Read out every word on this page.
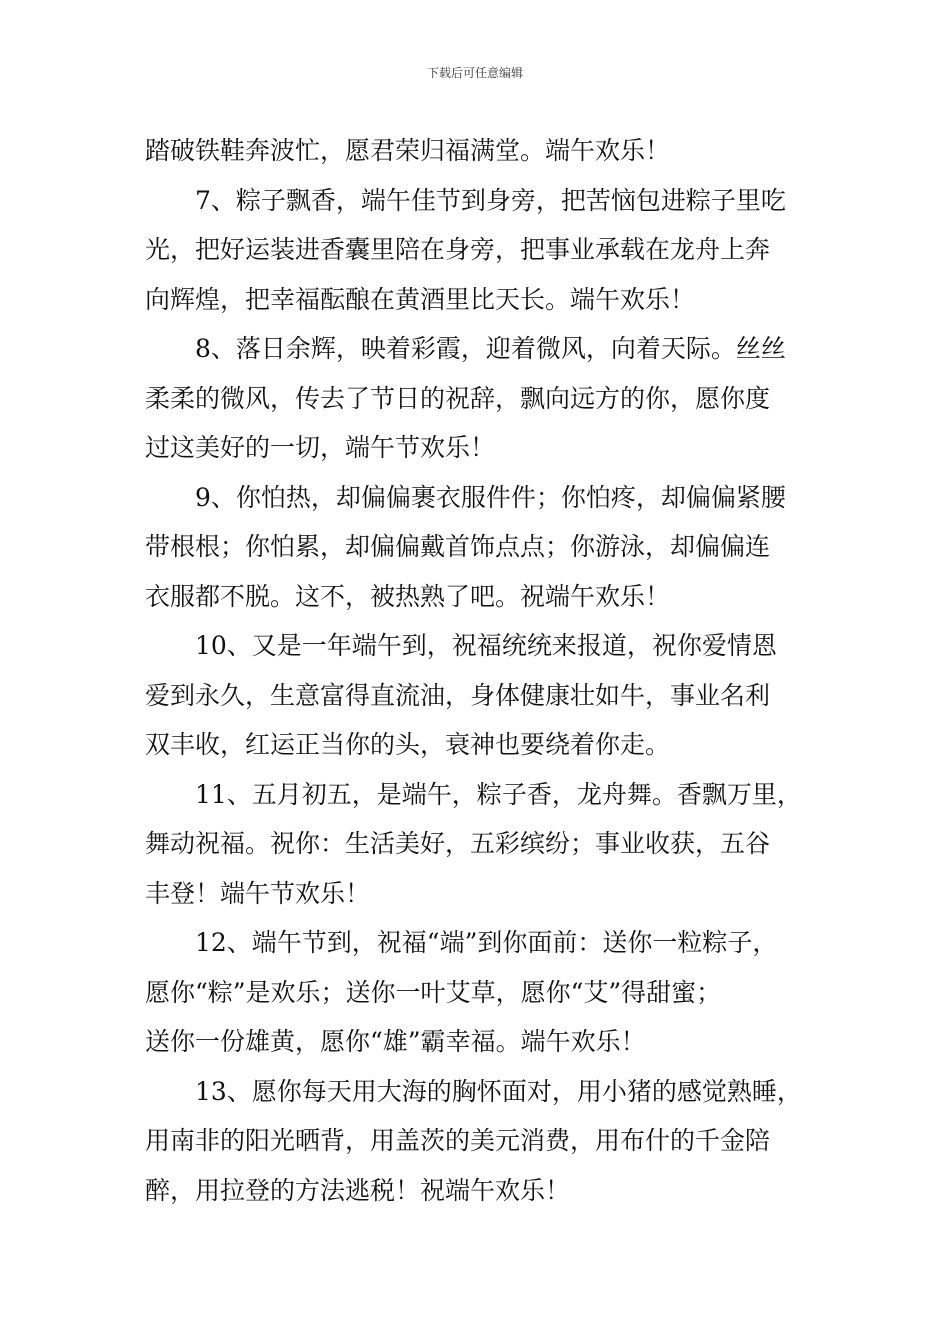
下载后可任意编辑
踏破铁鞋奔波忙，愿君荣归福满堂。端午欢乐！
7、粽子飘香，端午佳节到身旁，把苦恼包进粽子里吃
光，把好运装进香囊里陪在身旁，把事业承载在龙舟上奔
向辉煌，把幸福酝酿在黄酒里比天长。端午欢乐！
8、落日余辉，映着彩霞，迎着微风，向着天际。丝丝
柔柔的微风，传去了节日的祝辞，飘向远方的你，愿你度
过这美好的一切，端午节欢乐！
9、你怕热，却偏偏裹衣服件件；你怕疼，却偏偏紧腰
带根根；你怕累，却偏偏戴首饰点点；你游泳，却偏偏连
衣服都不脱。这不，被热熟了吧。祝端午欢乐！
10、又是一年端午到，祝福统统来报道，祝你爱情恩
爱到永久，生意富得直流油，身体健康壮如牛，事业名利
双丰收，红运正当你的头，衰神也要绕着你走。
11、五月初五，是端午，粽子香，龙舟舞。香飘万里，
舞动祝福。祝你：生活美好，五彩缤纷；事业收获，五谷
丰登！端午节欢乐！
12、端午节到，祝福“端”到你面前：送你一粒粽子，
愿你“粽”是欢乐；送你一叶艾草，愿你“艾”得甜蜜；
送你一份雄黄，愿你“雄”霸幸福。端午欢乐！
13、愿你每天用大海的胸怀面对，用小猪的感觉熟睡，
用南非的阳光晒背，用盖茨的美元消费，用布什的千金陪
醉，用拉登的方法逃税！祝端午欢乐！
